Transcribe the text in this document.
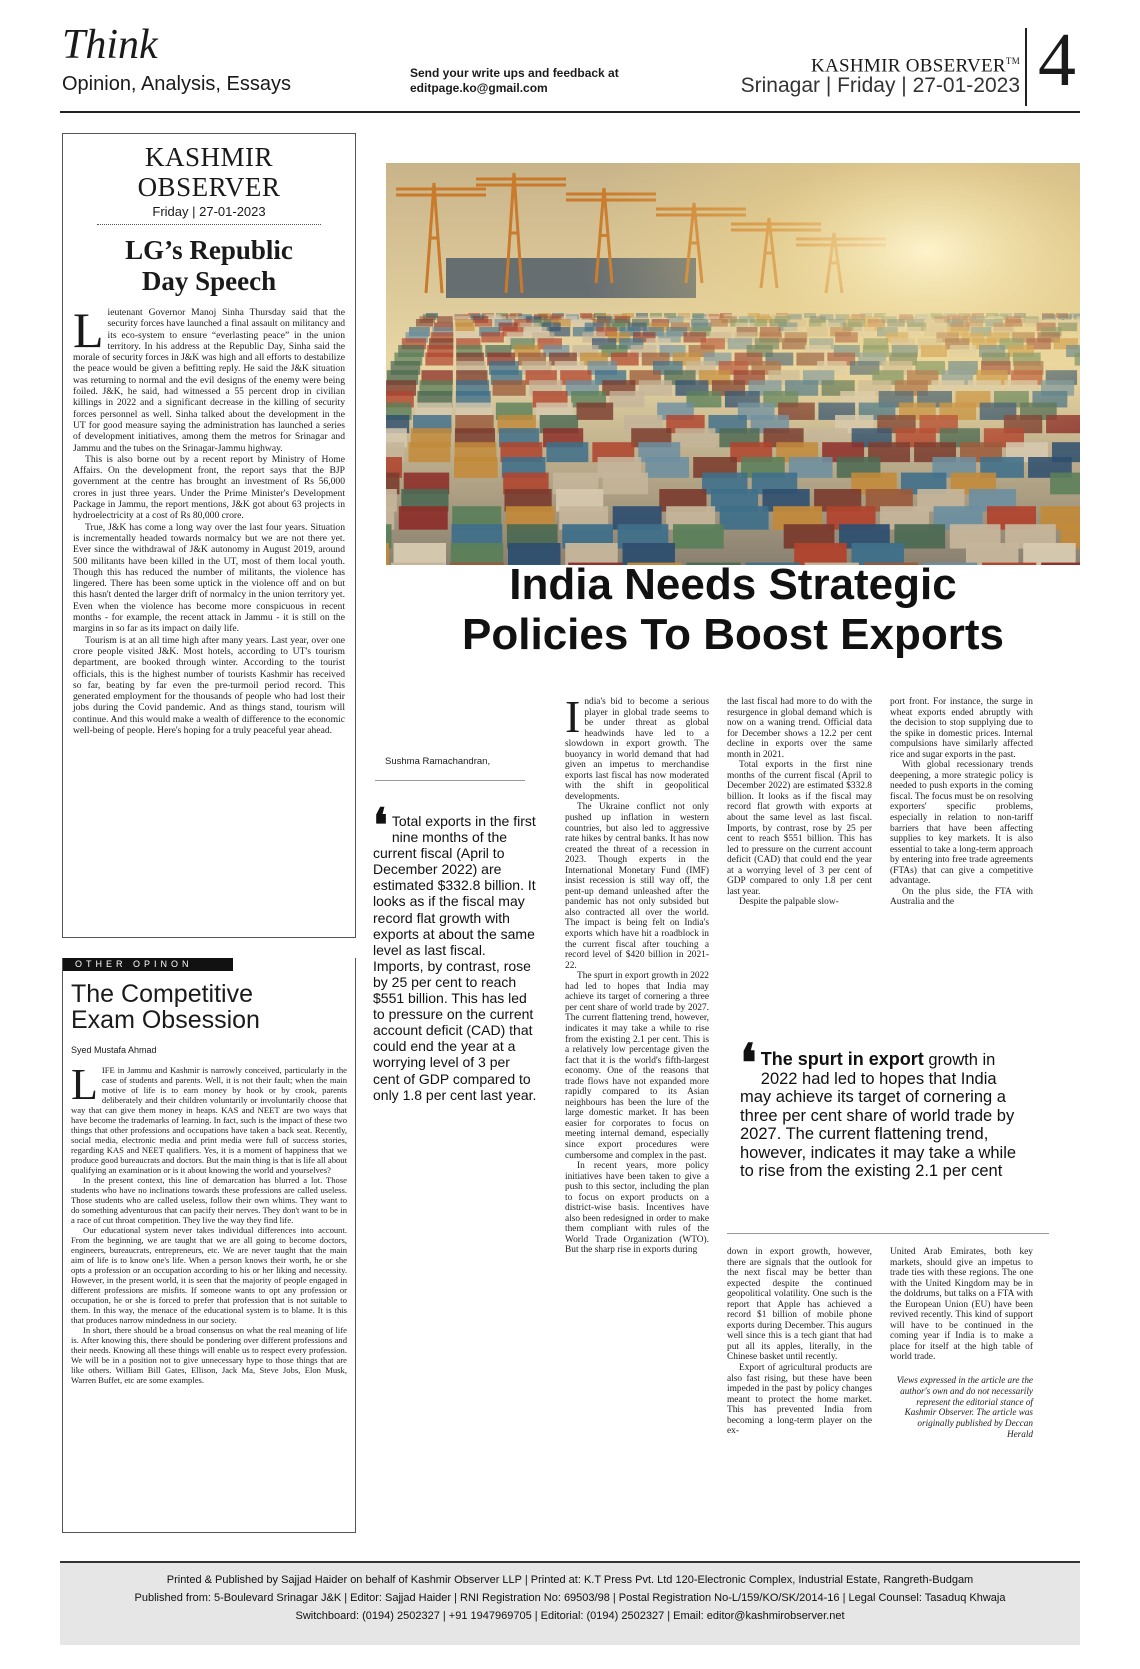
Think
Opinion, Analysis, Essays	Send your write ups and feedback at
editpage.ko@gmail.com
KASHMIR OBSERVER™
Srinagar | Friday | 27-01-2023 4
KASHMIR OBSERVER
Friday | 27-01-2023
LG’s Republic Day Speech

Lieutenant Governor Manoj Sinha Thursday said that the security forces have launched a final assault on militancy and its eco-system to ensure “everlasting peace” in the union territory. In his address at the Republic Day, Sinha said the morale of security forces in J&K was high and all efforts to destabilize the peace would be given a befitting reply. He said the J&K situation was returning to normal and the evil designs of the enemy were being foiled. J&K, he said, had witnessed a 55 percent drop in civilian killings in 2022 and a significant decrease in the killing of security forces personnel as well. Sinha talked about the development in the UT for good measure saying the administration has launched a series of development initiatives, among them the metros for Srinagar and Jammu and the tubes on the Srinagar-Jammu highway.

This is also borne out by a recent report by Ministry of Home Affairs. On the development front, the report says that the BJP government at the centre has brought an investment of Rs 56,000 crores in just three years. Under the Prime Minister's Development Package in Jammu, the report mentions, J&K got about 63 projects in hydroelectricity at a cost of Rs 80,000 crore.

True, J&K has come a long way over the last four years. Situation is incrementally headed towards normalcy but we are not there yet. Ever since the withdrawal of J&K autonomy in August 2019, around 500 militants have been killed in the UT, most of them local youth. Though this has reduced the number of militants, the violence has lingered. There has been some uptick in the violence off and on but this hasn't dented the larger drift of normalcy in the union territory yet. Even when the violence has become more conspicuous in recent months - for example, the recent attack in Jammu - it is still on the margins in so far as its impact on daily life.

Tourism is at an all time high after many years. Last year, over one crore people visited J&K. Most hotels, according to UT's tourism department, are booked through winter. According to the tourist officials, this is the highest number of tourists Kashmir has received so far, beating by far even the pre-turmoil period record. This generated employment for the thousands of people who had lost their jobs during the Covid pandemic. And as things stand, tourism will continue. And this would make a wealth of difference to the economic well-being of people. Here's hoping for a truly peaceful year ahead.

OTHER OPINON
The Competitive
Exam Obsession
Syed Mustafa Ahmad

LIFE in Jammu and Kashmir is narrowly conceived, particularly in the case of students and parents. Well, it is not their fault; when the main motive of life is to earn money by hook or by crook, parents deliberately and their children voluntarily or involuntarily choose that way that can give them money in heaps. KAS and NEET are two ways that have become the trademarks of learning. In fact, such is the impact of these two things that other professions and occupations have taken a back seat. Recently, social media, electronic media and print media were full of success stories, regarding KAS and NEET qualifiers. Yes, it is a moment of happiness that we produce good bureaucrats and doctors. But the main thing is that is life all about qualifying an examination or is it about knowing the world and yourselves?

In the present context, this line of demarcation has blurred a lot. Those students who have no inclinations towards these professions are called useless. Those students who are called useless, follow their own whims. They want to do something adventurous that can pacify their nerves. They don't want to be in a race of cut throat competition. They live the way they find life.

Our educational system never takes individual differences into account. From the beginning, we are taught that we are all going to become doctors, engineers, bureaucrats, entrepreneurs, etc. We are never taught that the main aim of life is to know one's life. When a person knows their worth, he or she opts a profession or an occupation according to his or her liking and necessity. However, in the present world, it is seen that the majority of people engaged in different professions are misfits. If someone wants to opt any profession or occupation, he or she is forced to prefer that profession that is not suitable to them. In this way, the menace of the educational system is to blame. It is this that produces narrow mindedness in our society.

In short, there should be a broad consensus on what the real meaning of life is. After knowing this, there should be pondering over different professions and their needs. Knowing all these things will enable us to respect every profession. We will be in a position not to give unnecessary hype to those things that are like others. William Bill Gates, Ellison, Jack Ma, Steve Jobs, Elon Musk, Warren Buffet, etc are some examples.

India Needs Strategic
Policies To Boost Exports
Sushma Ramachandran,
❛ Total exports in the first nine months of the current fiscal (April to December 2022) are estimated $332.8 billion. It looks as if the fiscal may record flat growth with exports at about the same level as last fiscal. Imports, by contrast, rose by 25 per cent to reach $551 billion. This has led to pressure on the current account deficit (CAD) that could end the year at a worrying level of 3 per cent of GDP compared to only 1.8 per cent last year.

India's bid to become a serious player in global trade seems to be under threat as global headwinds have led to a slowdown in export growth. The buoyancy in world demand that had given an impetus to merchandise exports last fiscal has now moderated with the shift in geopolitical developments.

The Ukraine conflict not only pushed up inflation in western countries, but also led to aggressive rate hikes by central banks. It has now created the threat of a recession in 2023. Though experts in the International Monetary Fund (IMF) insist recession is still way off, the pent-up demand unleashed after the pandemic has not only subsided but also contracted all over the world. The impact is being felt on India's exports which have hit a roadblock in the current fiscal after touching a record level of $420 billion in 2021-22.

The spurt in export growth in 2022 had led to hopes that India may achieve its target of cornering a three per cent share of world trade by 2027. The current flattening trend, however, indicates it may take a while to rise from the existing 2.1 per cent. This is a relatively low percentage given the fact that it is the world's fifth-largest economy. One of the reasons that trade flows have not expanded more rapidly compared to its Asian neighbours has been the lure of the large domestic market. It has been easier for corporates to focus on meeting internal demand, especially since export procedures were cumbersome and complex in the past.

In recent years, more policy initiatives have been taken to give a push to this sector, including the plan to focus on export products on a district-wise basis. Incentives have also been redesigned in order to make them compliant with rules of the World Trade Organization (WTO). But the sharp rise in exports during

the last fiscal had more to do with the resurgence in global demand which is now on a waning trend. Official data for December shows a 12.2 per cent decline in exports over the same month in 2021.

Total exports in the first nine months of the current fiscal (April to December 2022) are estimated $332.8 billion. It looks as if the fiscal may record flat growth with exports at about the same level as last fiscal. Imports, by contrast, rose by 25 per cent to reach $551 billion. This has led to pressure on the current account deficit (CAD) that could end the year at a worrying level of 3 per cent of GDP compared to only 1.8 per cent last year.

Despite the palpable slow-

port front. For instance, the surge in wheat exports ended abruptly with the decision to stop supplying due to the spike in domestic prices. Internal compulsions have similarly affected rice and sugar exports in the past.

With global recessionary trends deepening, a more strategic policy is needed to push exports in the coming fiscal. The focus must be on resolving exporters' specific problems, especially in relation to non-tariff barriers that have been affecting supplies to key markets. It is also essential to take a long-term approach by entering into free trade agreements (FTAs) that can give a competitive advantage.

On the plus side, the FTA with Australia and the

❛ The spurt in export growth in 2022 had led to hopes that India may achieve its target of cornering a three per cent share of world trade by 2027. The current flattening trend, however, indicates it may take a while to rise from the existing 2.1 per cent

down in export growth, however, there are signals that the outlook for the next fiscal may be better than expected despite the continued geopolitical volatility. One such is the report that Apple has achieved a record $1 billion of mobile phone exports during December. This augurs well since this is a tech giant that had put all its apples, literally, in the Chinese basket until recently.

Export of agricultural products are also fast rising, but these have been impeded in the past by policy changes meant to protect the home market. This has prevented India from becoming a long-term player on the ex-

United Arab Emirates, both key markets, should give an impetus to trade ties with these regions. The one with the United Kingdom may be in the doldrums, but talks on a FTA with the European Union (EU) have been revived recently. This kind of support will have to be continued in the coming year if India is to make a place for itself at the high table of world trade.

Views expressed in the article are the author's own and do not necessarily represent the editorial stance of Kashmir Observer. The article was originally published by Deccan Herald

Printed & Published by Sajjad Haider on behalf of Kashmir Observer LLP | Printed at: K.T Press Pvt. Ltd 120-Electronic Complex, Industrial Estate, Rangreth-Budgam
Published from: 5-Boulevard Srinagar J&K | Editor: Sajjad Haider | RNI Registration No: 69503/98 | Postal Registration No-L/159/KO/SK/2014-16 | Legal Counsel: Tasaduq Khwaja
Switchboard: (0194) 2502327 | +91 1947969705 | Editorial: (0194) 2502327 | Email: editor@kashmirobserver.net
